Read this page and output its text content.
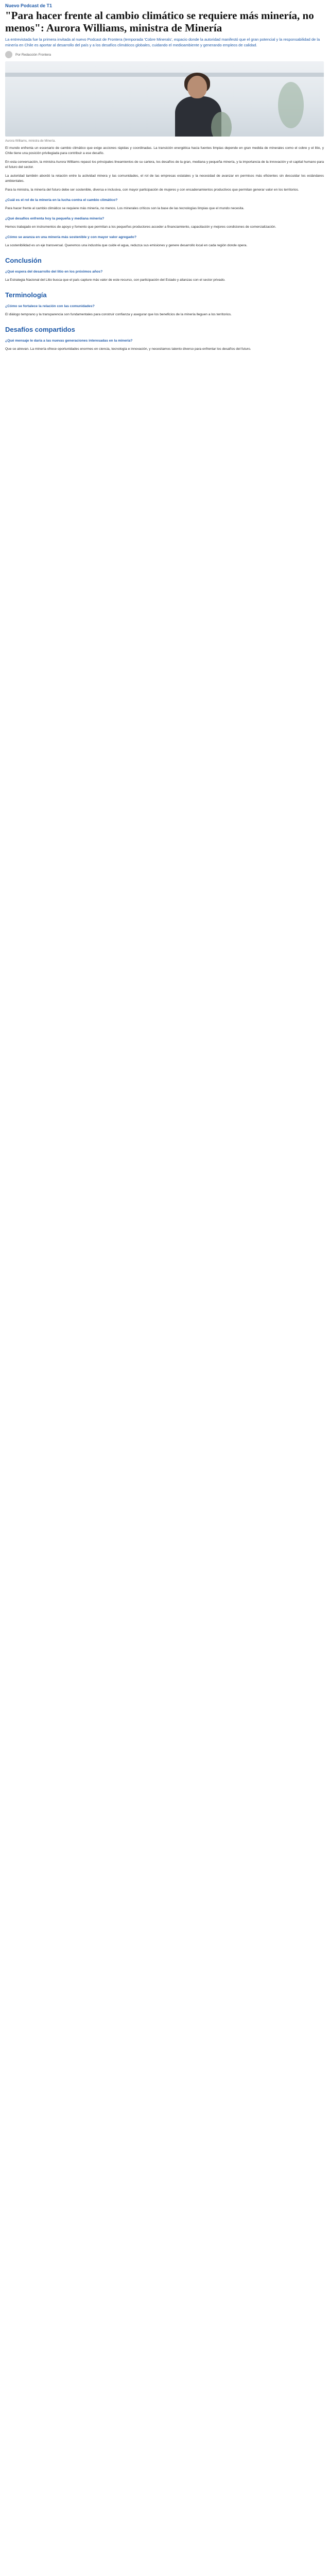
Nuevo Podcast de T1
"Para hacer frente al cambio climático se requiere más minería, no menos": Aurora Williams, ministra de Minería
La entrevistada fue la primera invitada al nuevo Podcast de Frontera (temporada 'Cobre Minerals', espacio donde la autoridad manifestó que el gran potencial y la responsabilidad de la minería en Chile es aportar al desarrollo del país y a los desafíos climáticos globales, cuidando el medioambiente y generando empleos de calidad.
Por Redacción Frontera
Aurora Williams, ministra de Minería.

El mundo enfrenta un escenario de cambio climático que exige acciones rápidas y coordinadas. La transición energética hacia fuentes limpias depende en gran medida de minerales como el cobre y el litio, y Chile tiene una posición privilegiada para contribuir a ese desafío.

En esta conversación, la ministra Aurora Williams repasó los principales lineamientos de su cartera, los desafíos de la gran, mediana y pequeña minería, y la importancia de la innovación y el capital humano para el futuro del sector.

La autoridad también abordó la relación entre la actividad minera y las comunidades, el rol de las empresas estatales y la necesidad de avanzar en permisos más eficientes sin descuidar los estándares ambientales.

Para la ministra, la minería del futuro debe ser sostenible, diversa e inclusiva, con mayor participación de mujeres y con encadenamientos productivos que permitan generar valor en los territorios.

¿Cuál es el rol de la minería en la lucha contra el cambio climático?

Para hacer frente al cambio climático se requiere más minería, no menos. Los minerales críticos son la base de las tecnologías limpias que el mundo necesita.

¿Qué desafíos enfrenta hoy la pequeña y mediana minería?

Hemos trabajado en instrumentos de apoyo y fomento que permitan a los pequeños productores acceder a financiamiento, capacitación y mejores condiciones de comercialización.

¿Cómo se avanza en una minería más sostenible y con mayor valor agregado?

La sostenibilidad es un eje transversal. Queremos una industria que cuide el agua, reduzca sus emisiones y genere desarrollo local en cada región donde opera.

Conclusión
¿Qué espera del desarrollo del litio en los próximos años?

La Estrategia Nacional del Litio busca que el país capture más valor de este recurso, con participación del Estado y alianzas con el sector privado.

Terminología
¿Cómo se fortalece la relación con las comunidades?

El diálogo temprano y la transparencia son fundamentales para construir confianza y asegurar que los beneficios de la minería lleguen a los territorios.

Desafíos compartidos
¿Qué mensaje le daría a las nuevas generaciones interesadas en la minería?

Que se atrevan. La minería ofrece oportunidades enormes en ciencia, tecnología e innovación, y necesitamos talento diverso para enfrentar los desafíos del futuro.
